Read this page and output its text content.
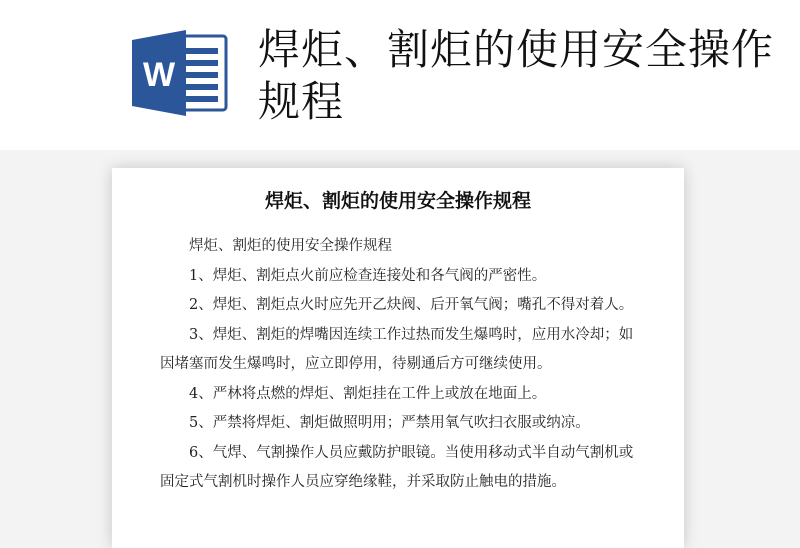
W
焊炬、割炬的使用安全操作规程
焊炬、割炬的使用安全操作规程

焊炬、割炬的使用安全操作规程

1、焊炬、割炬点火前应检查连接处和各气阀的严密性。

2、焊炬、割炬点火时应先开乙炔阀、后开氧气阀；嘴孔不得对着人。

3、焊炬、割炬的焊嘴因连续工作过热而发生爆鸣时，应用水冷却；如因堵塞而发生爆鸣时，应立即停用，待剔通后方可继续使用。

4、严林将点燃的焊炬、割炬挂在工件上或放在地面上。

5、严禁将焊炬、割炬做照明用；严禁用氧气吹扫衣服或纳凉。

6、气焊、气割操作人员应戴防护眼镜。当使用移动式半自动气割机或固定式气割机时操作人员应穿绝缘鞋，并采取防止触电的措施。
